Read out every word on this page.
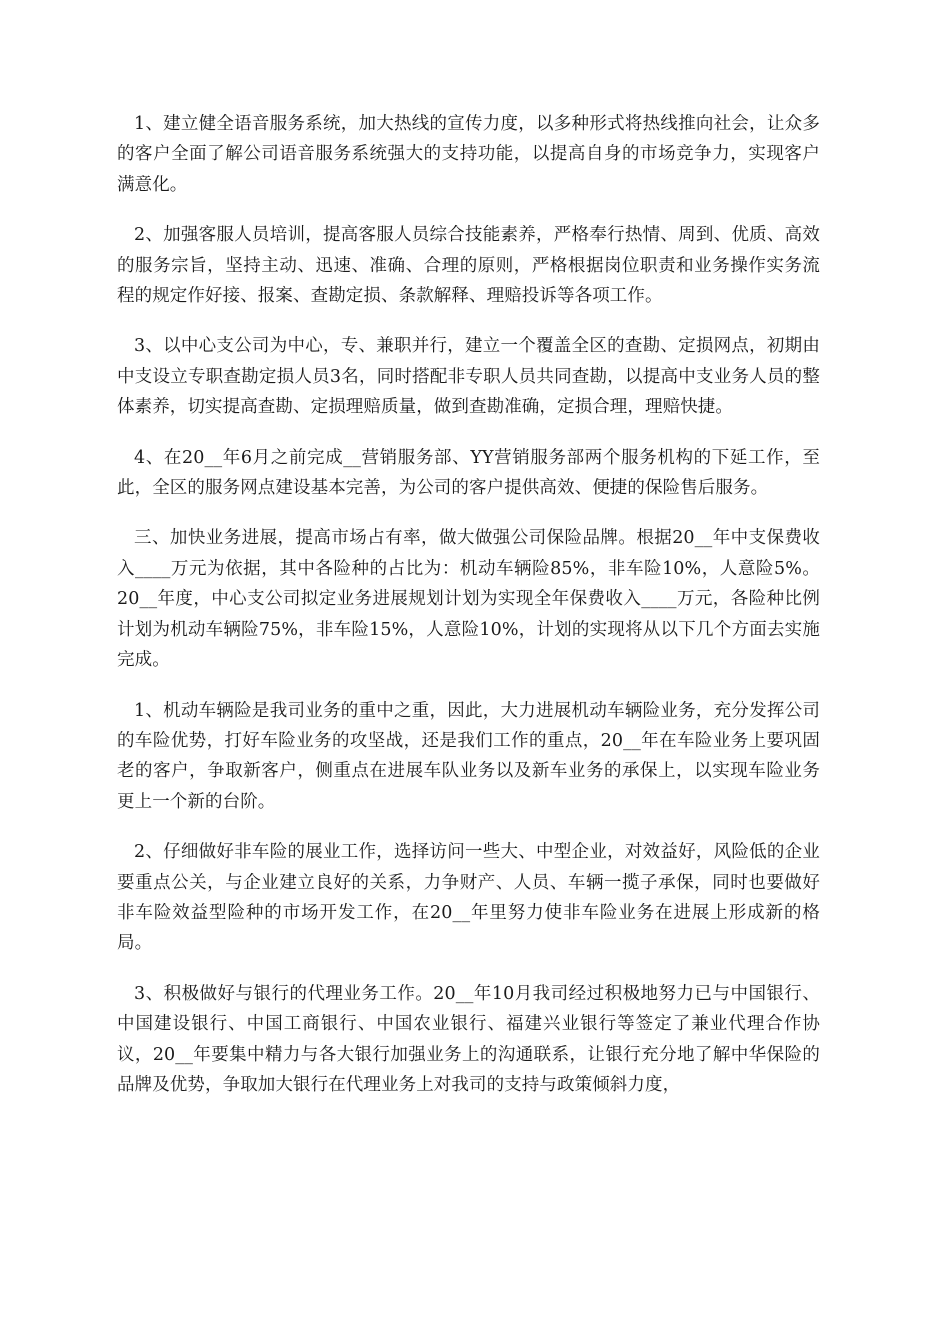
1、建立健全语音服务系统，加大热线的宣传力度，以多种形式将热线推向社会，让众多的客户全面了解公司语音服务系统强大的支持功能，以提高自身的市场竞争力，实现客户满意化。

2、加强客服人员培训，提高客服人员综合技能素养，严格奉行热情、周到、优质、高效的服务宗旨，坚持主动、迅速、准确、合理的原则，严格根据岗位职责和业务操作实务流程的规定作好接、报案、查勘定损、条款解释、理赔投诉等各项工作。

3、以中心支公司为中心，专、兼职并行，建立一个覆盖全区的查勘、定损网点，初期由中支设立专职查勘定损人员3名，同时搭配非专职人员共同查勘，以提高中支业务人员的整体素养，切实提高查勘、定损理赔质量，做到查勘准确，定损合理，理赔快捷。

4、在20__年6月之前完成__营销服务部、YY营销服务部两个服务机构的下延工作，至此，全区的服务网点建设基本完善，为公司的客户提供高效、便捷的保险售后服务。

三、加快业务进展，提高市场占有率，做大做强公司保险品牌。根据20__年中支保费收入____万元为依据，其中各险种的占比为：机动车辆险85%，非车险10%，人意险5%。20__年度，中心支公司拟定业务进展规划计划为实现全年保费收入____万元，各险种比例计划为机动车辆险75%，非车险15%，人意险10%，计划的实现将从以下几个方面去实施完成。

1、机动车辆险是我司业务的重中之重，因此，大力进展机动车辆险业务，充分发挥公司的车险优势，打好车险业务的攻坚战，还是我们工作的重点，20__年在车险业务上要巩固老的客户，争取新客户，侧重点在进展车队业务以及新车业务的承保上，以实现车险业务更上一个新的台阶。

2、仔细做好非车险的展业工作，选择访问一些大、中型企业，对效益好，风险低的企业要重点公关，与企业建立良好的关系，力争财产、人员、车辆一揽子承保，同时也要做好非车险效益型险种的市场开发工作，在20__年里努力使非车险业务在进展上形成新的格局。

3、积极做好与银行的代理业务工作。20__年10月我司经过积极地努力已与中国银行、中国建设银行、中国工商银行、中国农业银行、福建兴业银行等签定了兼业代理合作协议，20__年要集中精力与各大银行加强业务上的沟通联系，让银行充分地了解中华保险的品牌及优势，争取加大银行在代理业务上对我司的支持与政策倾斜力度，
